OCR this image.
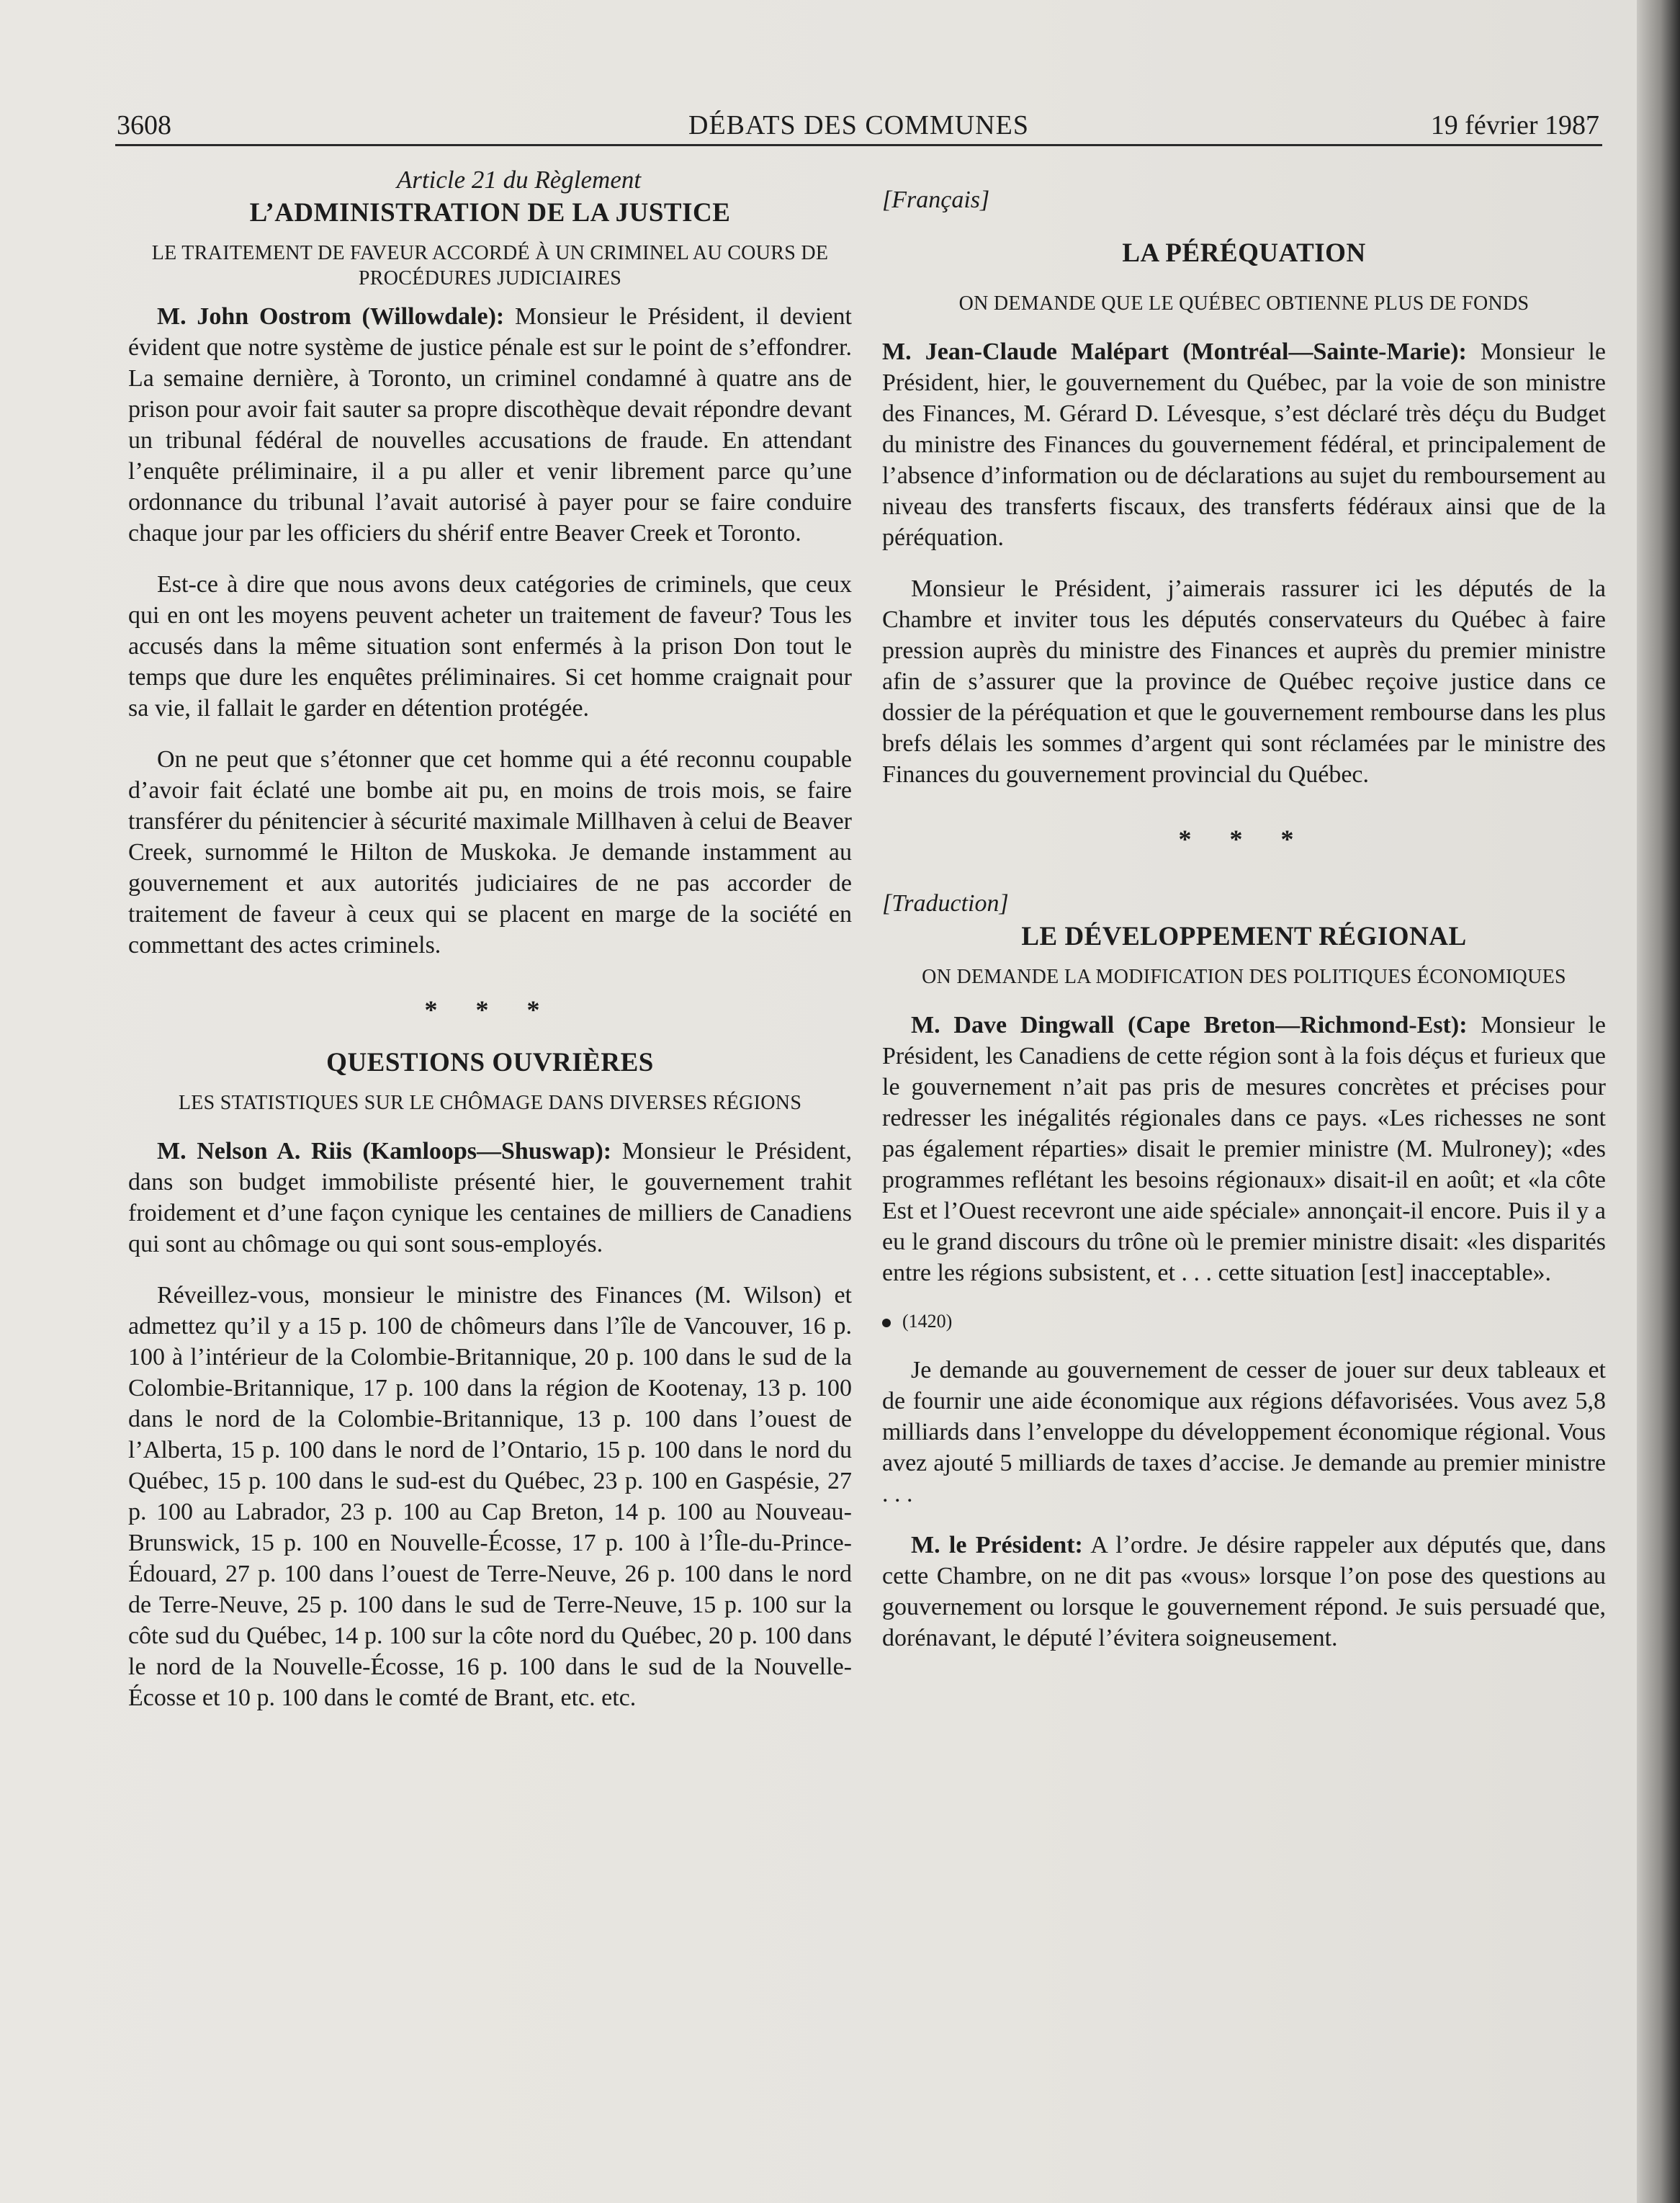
3608	DÉBATS DES COMMUNES	19 février 1987
Article 21 du Règlement
L’ADMINISTRATION DE LA JUSTICE
LE TRAITEMENT DE FAVEUR ACCORDÉ À UN CRIMINEL AU COURS DE PROCÉDURES JUDICIAIRES

M. John Oostrom (Willowdale): Monsieur le Président, il devient évident que notre système de justice pénale est sur le point de s’effondrer. La semaine dernière, à Toronto, un criminel condamné à quatre ans de prison pour avoir fait sauter sa propre discothèque devait répondre devant un tribunal fédéral de nouvelles accusations de fraude. En attendant l’enquête préliminaire, il a pu aller et venir librement parce qu’une ordonnance du tribunal l’avait autorisé à payer pour se faire conduire chaque jour par les officiers du shérif entre Beaver Creek et Toronto.

Est-ce à dire que nous avons deux catégories de criminels, que ceux qui en ont les moyens peuvent acheter un traitement de faveur? Tous les accusés dans la même situation sont enfermés à la prison Don tout le temps que dure les enquêtes préliminaires. Si cet homme craignait pour sa vie, il fallait le garder en détention protégée.

On ne peut que s’étonner que cet homme qui a été reconnu coupable d’avoir fait éclaté une bombe ait pu, en moins de trois mois, se faire transférer du pénitencier à sécurité maximale Millhaven à celui de Beaver Creek, surnommé le Hilton de Muskoka. Je demande instamment au gouvernement et aux autorités judiciaires de ne pas accorder de traitement de faveur à ceux qui se placent en marge de la société en commettant des actes criminels.

* * *
QUESTIONS OUVRIÈRES
LES STATISTIQUES SUR LE CHÔMAGE DANS DIVERSES RÉGIONS

M. Nelson A. Riis (Kamloops—Shuswap): Monsieur le Président, dans son budget immobiliste présenté hier, le gouvernement trahit froidement et d’une façon cynique les centaines de milliers de Canadiens qui sont au chômage ou qui sont sous-employés.

Réveillez-vous, monsieur le ministre des Finances (M. Wilson) et admettez qu’il y a 15 p. 100 de chômeurs dans l’île de Vancouver, 16 p. 100 à l’intérieur de la Colombie-Britannique, 20 p. 100 dans le sud de la Colombie-Britannique, 17 p. 100 dans la région de Kootenay, 13 p. 100 dans le nord de la Colombie-Britannique, 13 p. 100 dans l’ouest de l’Alberta, 15 p. 100 dans le nord de l’Ontario, 15 p. 100 dans le nord du Québec, 15 p. 100 dans le sud-est du Québec, 23 p. 100 en Gaspésie, 27 p. 100 au Labrador, 23 p. 100 au Cap Breton, 14 p. 100 au Nouveau-Brunswick, 15 p. 100 en Nouvelle-Écosse, 17 p. 100 à l’Île-du-Prince-Édouard, 27 p. 100 dans l’ouest de Terre-Neuve, 26 p. 100 dans le nord de Terre-Neuve, 25 p. 100 dans le sud de Terre-Neuve, 15 p. 100 sur la côte sud du Québec, 14 p. 100 sur la côte nord du Québec, 20 p. 100 dans le nord de la Nouvelle-Écosse, 16 p. 100 dans le sud de la Nouvelle-Écosse et 10 p. 100 dans le comté de Brant, etc. etc.

[Français]
LA PÉRÉQUATION
ON DEMANDE QUE LE QUÉBEC OBTIENNE PLUS DE FONDS

M. Jean-Claude Malépart (Montréal—Sainte-Marie): Monsieur le Président, hier, le gouvernement du Québec, par la voie de son ministre des Finances, M. Gérard D. Lévesque, s’est déclaré très déçu du Budget du ministre des Finances du gouvernement fédéral, et principalement de l’absence d’information ou de déclarations au sujet du remboursement au niveau des transferts fiscaux, des transferts fédéraux ainsi que de la péréquation.

Monsieur le Président, j’aimerais rassurer ici les députés de la Chambre et inviter tous les députés conservateurs du Québec à faire pression auprès du ministre des Finances et auprès du premier ministre afin de s’assurer que la province de Québec reçoive justice dans ce dossier de la péréquation et que le gouvernement rembourse dans les plus brefs délais les sommes d’argent qui sont réclamées par le ministre des Finances du gouvernement provincial du Québec.

* * *
[Traduction]
LE DÉVELOPPEMENT RÉGIONAL
ON DEMANDE LA MODIFICATION DES POLITIQUES ÉCONOMIQUES

M. Dave Dingwall (Cape Breton—Richmond-Est): Monsieur le Président, les Canadiens de cette région sont à la fois déçus et furieux que le gouvernement n’ait pas pris de mesures concrètes et précises pour redresser les inégalités régionales dans ce pays. «Les richesses ne sont pas également réparties» disait le premier ministre (M. Mulroney); «des programmes reflétant les besoins régionaux» disait-il en août; et «la côte Est et l’Ouest recevront une aide spéciale» annonçait-il encore. Puis il y a eu le grand discours du trône où le premier ministre disait: «les disparités entre les régions subsistent, et . . . cette situation [est] inacceptable».

(1420)

Je demande au gouvernement de cesser de jouer sur deux tableaux et de fournir une aide économique aux régions défavorisées. Vous avez 5,8 milliards dans l’enveloppe du développement économique régional. Vous avez ajouté 5 milliards de taxes d’accise. Je demande au premier ministre . . .

M. le Président: A l’ordre. Je désire rappeler aux députés que, dans cette Chambre, on ne dit pas «vous» lorsque l’on pose des questions au gouvernement ou lorsque le gouvernement répond. Je suis persuadé que, dorénavant, le député l’évitera soigneusement.
